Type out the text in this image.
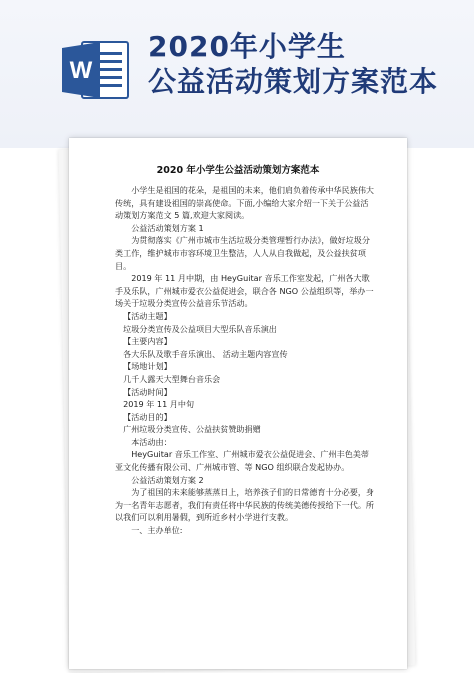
W
2020年小学生
公益活动策划方案范本
2020 年小学生公益活动策划方案范本

小学生是祖国的花朵，是祖国的未来，他们肩负着传承中华民族伟大传统，具有建设祖国的崇高使命。下面,小编给大家介绍一下关于公益活动策划方案范文 5 篇,欢迎大家阅读。

公益活动策划方案 1

为贯彻落实《广州市城市生活垃圾分类管理暂行办法》，做好垃圾分类工作，维护城市市容环境卫生整洁，人人从自我做起，及公益扶贫项目。

2019 年 11 月中期，由 HeyGuitar 音乐工作室发起，广州各大歌手及乐队，广州城市爱衣公益促进会，联合各 NGO 公益组织等，举办一场关于垃圾分类宣传公益音乐节活动。

【活动主题】

垃圾分类宣传及公益项目大型乐队音乐演出

【主要内容】

各大乐队及歌手音乐演出、 活动主题内容宣传

【场地计划】

几千人露天大型舞台音乐会

【活动时间】

2019 年 11 月中旬

【活动目的】

广州垃圾分类宣传、公益扶贫赞助捐赠

本活动由：

HeyGuitar 音乐工作室、广州城市爱衣公益促进会、广州丰色美蒂亚文化传播有限公司、广州城市管、等 NGO 组织联合发起协办。

公益活动策划方案 2

为了祖国的未来能够蒸蒸日上，培养孩子们的日常德育十分必要，身为一名青年志愿者，我们有责任将中华民族的传统美德传授给下一代。所以我们可以利用暑假，到所近乡村小学进行支教。

一、主办单位:
